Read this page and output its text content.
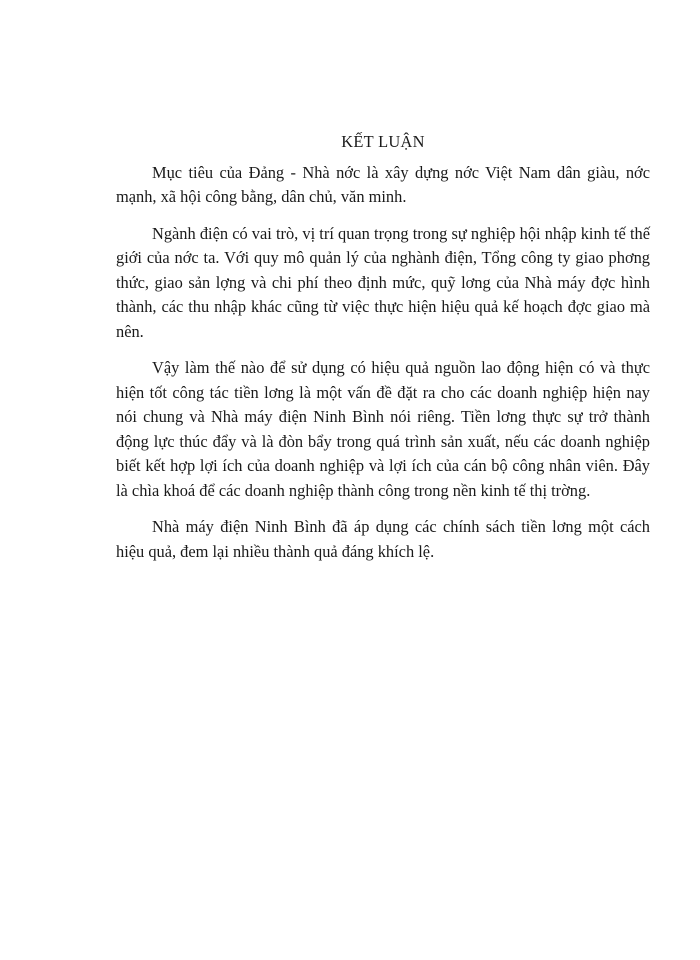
KẾT LUẬN

Mục tiêu của Đảng - Nhà nớc là xây dựng nớc Việt Nam dân giàu, nớc mạnh, xã hội công bằng, dân chủ, văn minh.

Ngành điện có vai trò, vị trí quan trọng trong sự nghiệp hội nhập kinh tế thế giới của nớc ta. Với quy mô quản lý của nghành điện, Tổng công ty giao phơng thức, giao sản lợng và chi phí theo định mức, quỹ lơng của Nhà máy đợc hình thành, các thu nhập khác cũng từ việc thực hiện hiệu quả kế hoạch đợc giao mà nên.

Vậy làm thế nào để sử dụng có hiệu quả nguồn lao động hiện có và thực hiện tốt công tác tiền lơng là một vấn đề đặt ra cho các doanh nghiệp hiện nay nói chung và Nhà máy điện Ninh Bình nói riêng. Tiền lơng thực sự trở thành động lực thúc đẩy và là đòn bẩy trong quá trình sản xuất, nếu các doanh nghiệp biết kết hợp lợi ích của doanh nghiệp và lợi ích của cán bộ công nhân viên. Đây là chìa khoá để các doanh nghiệp thành công trong nền kinh tế thị trờng.

Nhà máy điện Ninh Bình đã áp dụng các chính sách tiền lơng một cách hiệu quả, đem lại nhiều thành quả đáng khích lệ.
